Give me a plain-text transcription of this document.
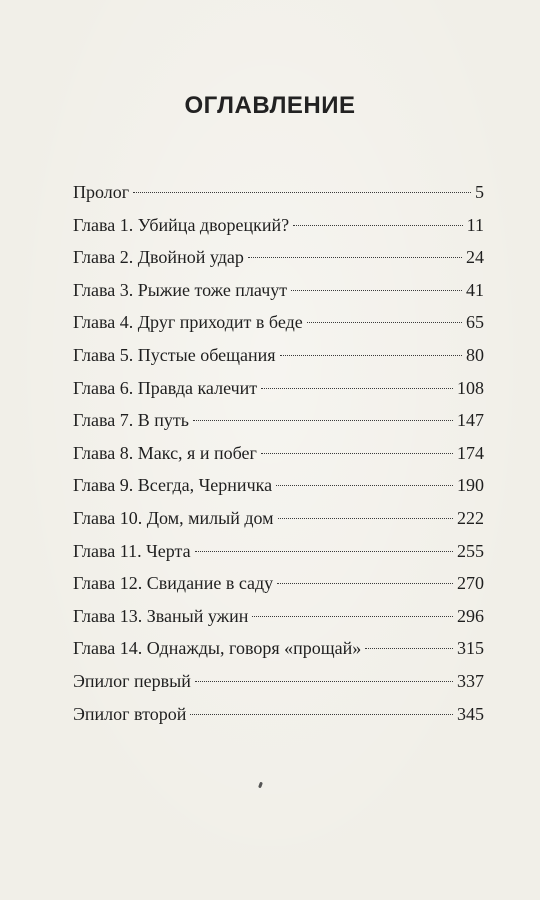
ОГЛАВЛЕНИЕ
Пролог	5
Глава 1. Убийца дворецкий?	11
Глава 2. Двойной удар	24
Глава 3. Рыжие тоже плачут	41
Глава 4. Друг приходит в беде	65
Глава 5. Пустые обещания	80
Глава 6. Правда калечит	108
Глава 7. В путь	147
Глава 8. Макс, я и побег	174
Глава 9. Всегда, Черничка	190
Глава 10. Дом, милый дом	222
Глава 11. Черта	255
Глава 12. Свидание в саду	270
Глава 13. Званый ужин	296
Глава 14. Однажды, говоря «прощай»	315
Эпилог первый	337
Эпилог второй	345
